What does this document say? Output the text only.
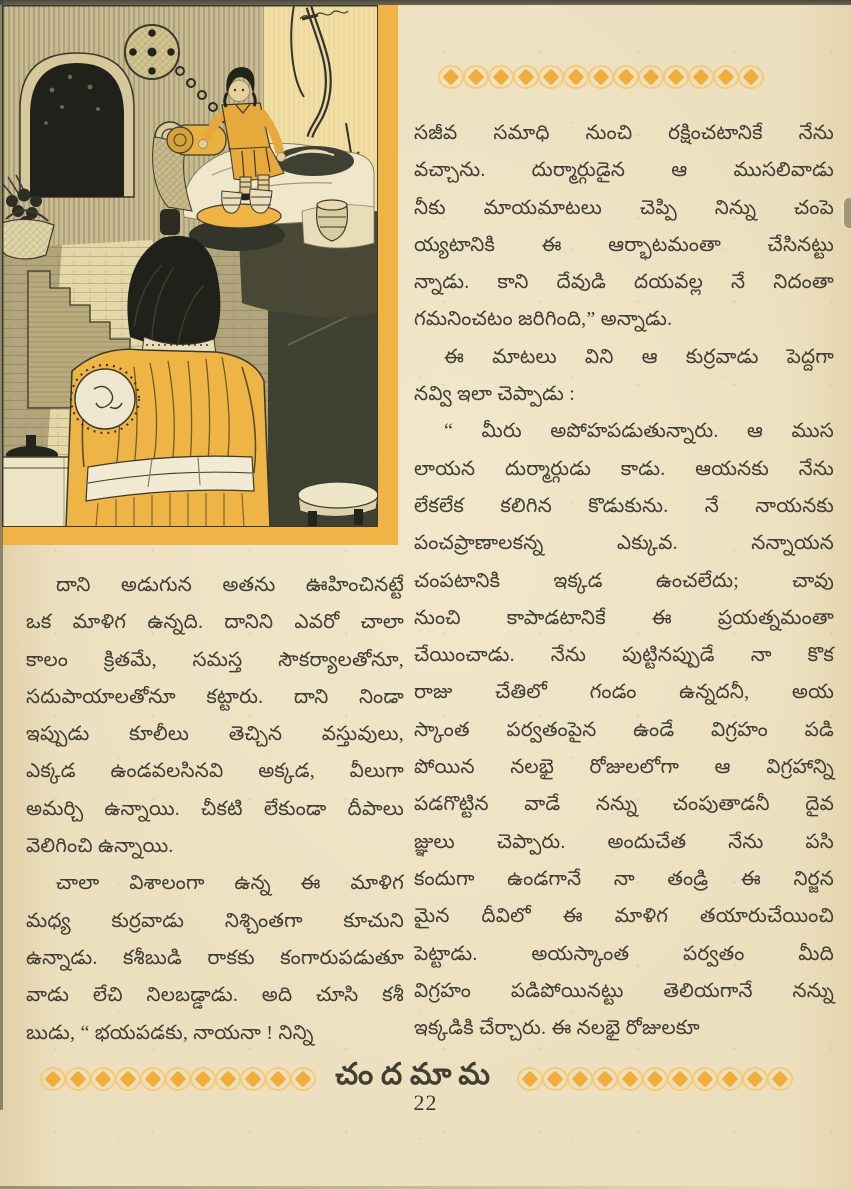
సజీవ సమాధి నుంచి రక్షించటానికే నేను
వచ్చాను. దుర్మార్గుడైన ఆ ముసలివాడు
నీకు మాయమాటలు చెప్పి నిన్ను చంపె
య్యటానికి ఈ ఆర్భాటమంతా చేసినట్టు
న్నాడు. కాని దేవుడి దయవల్ల నే నిదంతా
గమనించటం జరిగింది,” అన్నాడు.

ఈ మాటలు విని ఆ కుర్రవాడు పెద్దగా
నవ్వి ఇలా చెప్పాడు :

“ మీరు అపోహపడుతున్నారు. ఆ ముస
లాయన దుర్మార్గుడు కాడు. ఆయనకు నేను
లేకలేక కలిగిన కొడుకును. నే నాయనకు
పంచప్రాణాలకన్న ఎక్కువ. నన్నాయన
చంపటానికి ఇక్కడ ఉంచలేదు; చావు
నుంచి కాపాడటానికే ఈ ప్రయత్నమంతా
చేయించాడు. నేను పుట్టినప్పుడే నా కొక
రాజు చేతిలో గండం ఉన్నదనీ, అయ
స్కాంత పర్వతంపైన ఉండే విగ్రహం పడి
పోయిన నలభై రోజులలోగా ఆ విగ్రహాన్ని
పడగొట్టిన వాడే నన్ను చంపుతాడనీ దైవ
జ్ఞులు చెప్పారు. అందుచేత నేను పసి
కందుగా ఉండగానే నా తండ్రి ఈ నిర్జన
మైన దీవిలో ఈ మాళిగ తయారుచేయించి
పెట్టాడు. అయస్కాంత పర్వతం మీది
విగ్రహం పడిపోయినట్టు తెలియగానే నన్ను
ఇక్కడికి చేర్చారు. ఈ నలభై రోజులకూ

దాని అడుగున అతను ఊహించినట్టే
ఒక మాళిగ ఉన్నది. దానిని ఎవరో చాలా
కాలం క్రితమే, సమస్త సౌకర్యాలతోనూ,
సదుపాయాలతోనూ కట్టారు. దాని నిండా
ఇప్పుడు కూలీలు తెచ్చిన వస్తువులు,
ఎక్కడ ఉండవలసినవి అక్కడ, వీలుగా
అమర్చి ఉన్నాయి. చీకటి లేకుండా దీపాలు
వెలిగించి ఉన్నాయి.

చాలా విశాలంగా ఉన్న ఈ మాళిగ
మధ్య కుర్రవాడు నిశ్చింతగా కూచుని
ఉన్నాడు. కశీబుడి రాకకు కంగారుపడుతూ
వాడు లేచి నిలబడ్డాడు. అది చూసి కశీ
బుడు, “ భయపడకు, నాయనా ! నిన్ని

చందమామ
22
